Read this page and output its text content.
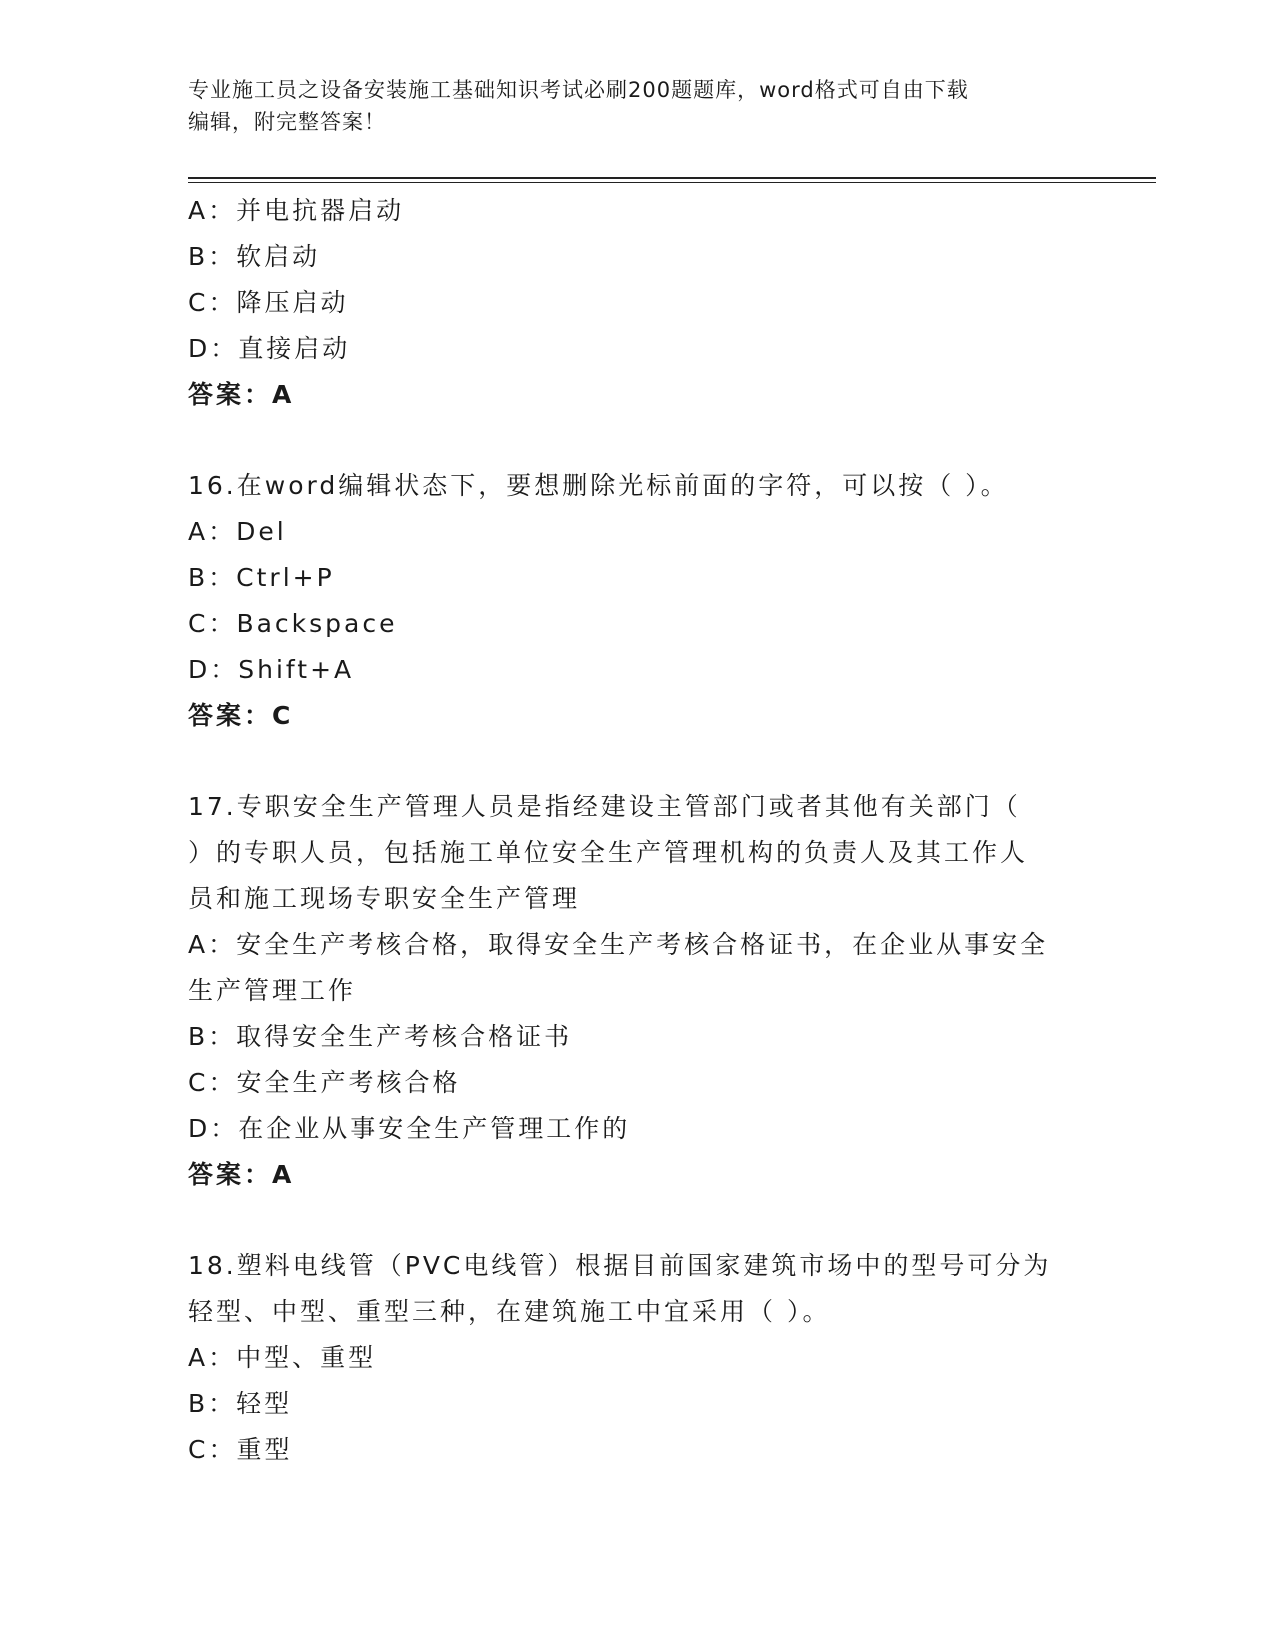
专业施工员之设备安装施工基础知识考试必刷200题题库，word格式可自由下载
编辑，附完整答案！
A：并电抗器启动
B：软启动
C：降压启动
D：直接启动
答案：A
16.在word编辑状态下，要想删除光标前面的字符，可以按（ ）。
A：Del
B：Ctrl+P
C：Backspace
D：Shift+A
答案：C
17.专职安全生产管理人员是指经建设主管部门或者其他有关部门（
）的专职人员，包括施工单位安全生产管理机构的负责人及其工作人
员和施工现场专职安全生产管理
A：安全生产考核合格，取得安全生产考核合格证书，在企业从事安全
生产管理工作
B：取得安全生产考核合格证书
C：安全生产考核合格
D：在企业从事安全生产管理工作的
答案：A
18.塑料电线管（PVC电线管）根据目前国家建筑市场中的型号可分为
轻型、中型、重型三种，在建筑施工中宜采用（ ）。
A：中型、重型
B：轻型
C：重型
